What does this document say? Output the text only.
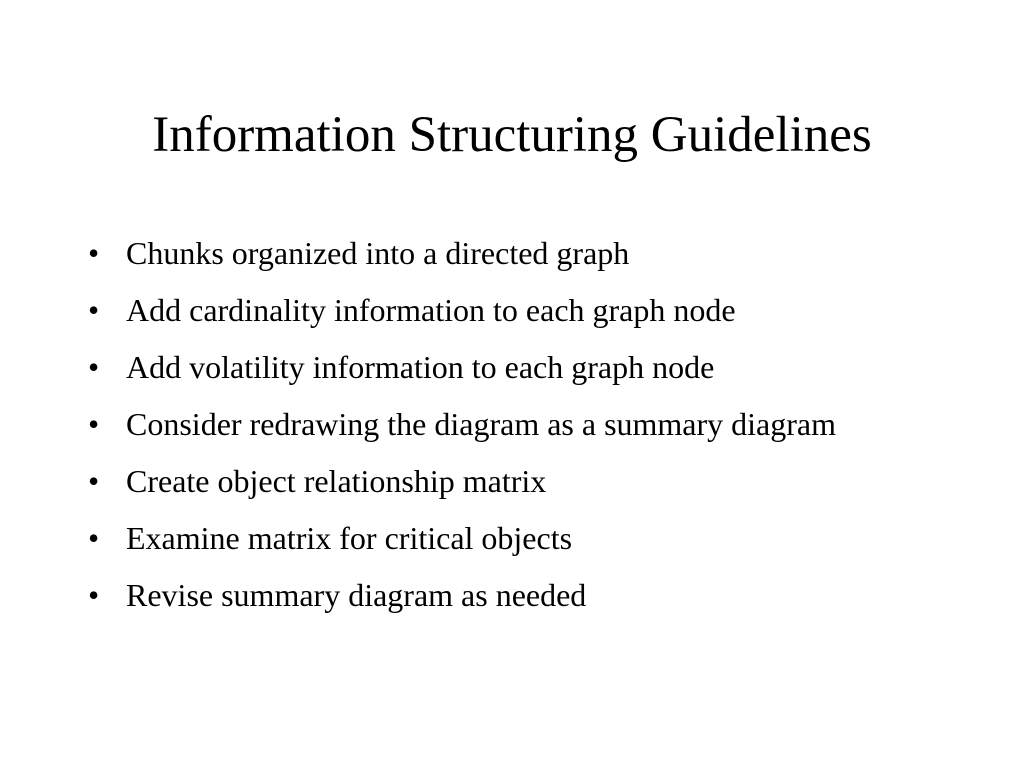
Information Structuring Guidelines
• Chunks organized into a directed graph
• Add cardinality information to each graph node
• Add volatility information to each graph node
• Consider redrawing the diagram as a summary diagram
• Create object relationship matrix
• Examine matrix for critical objects
• Revise summary diagram as needed
